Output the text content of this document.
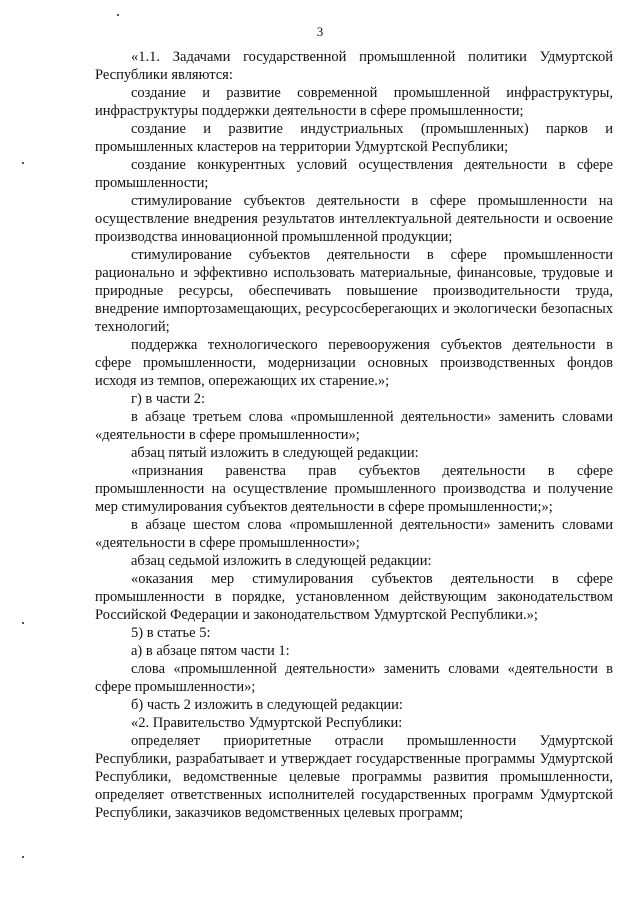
3

«1.1. Задачами государственной промышленной политики Удмуртской Республики являются:

создание и развитие современной промышленной инфраструктуры, инфраструктуры поддержки деятельности в сфере промышленности;

создание и развитие индустриальных (промышленных) парков и промышленных кластеров на территории Удмуртской Республики;

создание конкурентных условий осуществления деятельности в сфере промышленности;

стимулирование субъектов деятельности в сфере промышленности на осуществление внедрения результатов интеллектуальной деятельности и освоение производства инновационной промышленной продукции;

стимулирование субъектов деятельности в сфере промышленности рационально и эффективно использовать материальные, финансовые, трудовые и природные ресурсы, обеспечивать повышение производительности труда, внедрение импортозамещающих, ресурсосберегающих и экологически безопасных технологий;

поддержка технологического перевооружения субъектов деятельности в сфере промышленности, модернизации основных производственных фондов исходя из темпов, опережающих их старение.»;

г) в части 2:

в абзаце третьем слова «промышленной деятельности» заменить словами «деятельности в сфере промышленности»;

абзац пятый изложить в следующей редакции:

«признания равенства прав субъектов деятельности в сфере промышленности на осуществление промышленного производства и получение мер стимулирования субъектов деятельности в сфере промышленности;»;

в абзаце шестом слова «промышленной деятельности» заменить словами «деятельности в сфере промышленности»;

абзац седьмой изложить в следующей редакции:

«оказания мер стимулирования субъектов деятельности в сфере промышленности в порядке, установленном действующим законодательством Российской Федерации и законодательством Удмуртской Республики.»;

5) в статье 5:

а) в абзаце пятом части 1:

слова «промышленной деятельности» заменить словами «деятельности в сфере промышленности»;

б) часть 2 изложить в следующей редакции:

«2. Правительство Удмуртской Республики:

определяет приоритетные отрасли промышленности Удмуртской Республики, разрабатывает и утверждает государственные программы Удмуртской Республики, ведомственные целевые программы развития промышленности, определяет ответственных исполнителей государственных программ Удмуртской Республики, заказчиков ведомственных целевых программ;
